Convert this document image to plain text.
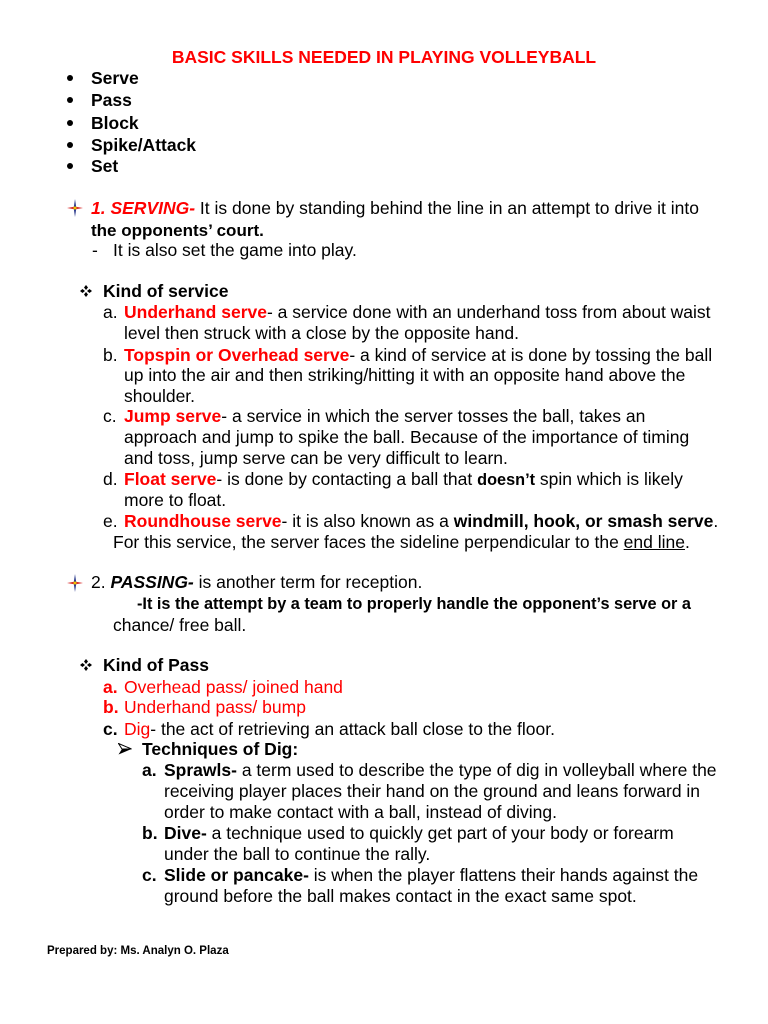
BASIC SKILLS NEEDED IN PLAYING VOLLEYBALL
Serve
Pass
Block
Spike/Attack
Set
1. SERVING- It is done by standing behind the line in an attempt to drive it into
the opponents’ court.
- It is also set the game into play.
Kind of service
a. Underhand serve- a service done with an underhand toss from about waist
level then struck with a close by the opposite hand.
b. Topspin or Overhead serve- a kind of service at is done by tossing the ball
up into the air and then striking/hitting it with an opposite hand above the
shoulder.
c. Jump serve- a service in which the server tosses the ball, takes an
approach and jump to spike the ball. Because of the importance of timing
and toss, jump serve can be very difficult to learn.
d. Float serve- is done by contacting a ball that doesn’t spin which is likely
more to float.
e. Roundhouse serve- it is also known as a windmill, hook, or smash serve.
For this service, the server faces the sideline perpendicular to the end line.
2. PASSING- is another term for reception.
-It is the attempt by a team to properly handle the opponent’s serve or a
chance/ free ball.
Kind of Pass
a. Overhead pass/ joined hand
b. Underhand pass/ bump
c. Dig- the act of retrieving an attack ball close to the floor.
Techniques of Dig:
a. Sprawls- a term used to describe the type of dig in volleyball where the
receiving player places their hand on the ground and leans forward in
order to make contact with a ball, instead of diving.
b. Dive- a technique used to quickly get part of your body or forearm
under the ball to continue the rally.
c. Slide or pancake- is when the player flattens their hands against the
ground before the ball makes contact in the exact same spot.
Prepared by: Ms. Analyn O. Plaza
